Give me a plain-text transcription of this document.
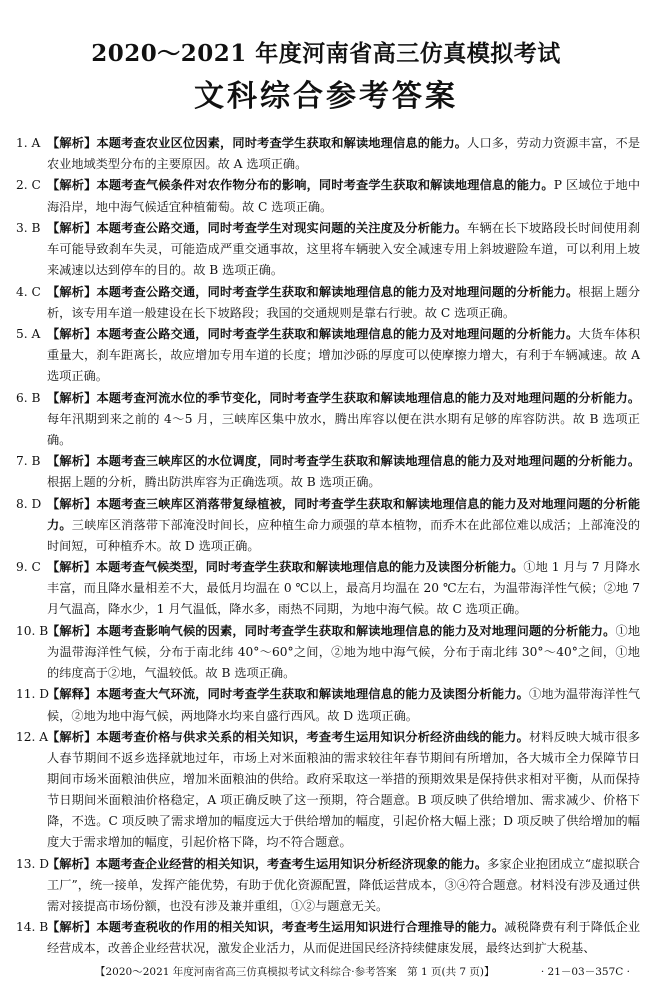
2020～2021 年度河南省高三仿真模拟考试
文科综合参考答案
1. A 【解析】本题考查农业区位因素，同时考查学生获取和解读地理信息的能力。人口多，劳动力资源丰富，不是农业地域类型分布的主要原因。故 A 选项正确。
2. C 【解析】本题考查气候条件对农作物分布的影响，同时考查学生获取和解读地理信息的能力。P 区域位于地中海沿岸，地中海气候适宜种植葡萄。故 C 选项正确。
3. B 【解析】本题考查公路交通，同时考查学生对现实问题的关注度及分析能力。车辆在长下坡路段长时间使用刹车可能导致刹车失灵，可能造成严重交通事故，这里将车辆驶入安全减速专用上斜坡避险车道，可以利用上坡来减速以达到停车的目的。故 B 选项正确。
4. C 【解析】本题考查公路交通，同时考查学生获取和解读地理信息的能力及对地理问题的分析能力。根据上题分析，该专用车道一般建设在长下坡路段；我国的交通规则是靠右行驶。故 C 选项正确。
5. A 【解析】本题考查公路交通，同时考查学生获取和解读地理信息的能力及对地理问题的分析能力。大货车体积重量大，刹车距离长，故应增加专用车道的长度；增加沙砾的厚度可以使摩擦力增大，有利于车辆减速。故 A 选项正确。
6. B 【解析】本题考查河流水位的季节变化，同时考查学生获取和解读地理信息的能力及对地理问题的分析能力。每年汛期到来之前的 4～5 月，三峡库区集中放水，腾出库容以便在洪水期有足够的库容防洪。故 B 选项正确。
7. B 【解析】本题考查三峡库区的水位调度，同时考查学生获取和解读地理信息的能力及对地理问题的分析能力。根据上题的分析，腾出防洪库容为正确选项。故 B 选项正确。
8. D 【解析】本题考查三峡库区消落带复绿植被，同时考查学生获取和解读地理信息的能力及对地理问题的分析能力。三峡库区消落带下部淹没时间长，应种植生命力顽强的草本植物，而乔木在此部位难以成活；上部淹没的时间短，可种植乔木。故 D 选项正确。
9. C 【解析】本题考查气候类型，同时考查学生获取和解读地理信息的能力及读图分析能力。①地 1 月与 7 月降水丰富，而且降水量相差不大，最低月均温在 0 ℃以上，最高月均温在 20 ℃左右，为温带海洋性气候；②地 7 月气温高，降水少，1 月气温低，降水多，雨热不同期，为地中海气候。故 C 选项正确。
10. B
【解析】本题考查影响气候的因素，同时考查学生获取和解读地理信息的能力及对地理问题的分析能力。①地为温带海洋性气候，分布于南北纬 40°～60°之间，②地为地中海气候，分布于南北纬 30°～40°之间，①地的纬度高于②地，气温较低。故 B 选项正确。
11. D
【解释】本题考查大气环流，同时考查学生获取和解读地理信息的能力及读图分析能力。①地为温带海洋性气候，②地为地中海气候，两地降水均来自盛行西风。故 D 选项正确。
12. A
【解析】本题考查价格与供求关系的相关知识，考查考生运用知识分析经济曲线的能力。材料反映大城市很多人春节期间不返乡选择就地过年，市场上对米面粮油的需求较往年春节期间有所增加，各大城市全力保障节日期间市场米面粮油供应，增加米面粮油的供给。政府采取这一举措的预期效果是保持供求相对平衡，从而保持节日期间米面粮油价格稳定，A 项正确反映了这一预期，符合题意。B 项反映了供给增加、需求减少、价格下降，不选。C 项反映了需求增加的幅度远大于供给增加的幅度，引起价格大幅上涨；D 项反映了供给增加的幅度大于需求增加的幅度，引起价格下降，均不符合题意。
13. D
【解析】本题考查企业经营的相关知识，考查考生运用知识分析经济现象的能力。多家企业抱团成立“虚拟联合工厂”，统一接单，发挥产能优势，有助于优化资源配置，降低运营成本，③④符合题意。材料没有涉及通过供需对接提高市场份额，也没有涉及兼并重组，①②与题意无关。
14. B
【解析】本题考查税收的作用的相关知识，考查考生运用知识进行合理推导的能力。减税降费有利于降低企业经营成本，改善企业经营状况，激发企业活力，从而促进国民经济持续健康发展，最终达到扩大税基、
【2020～2021 年度河南省高三仿真模拟考试文科综合·参考答案　第 1 页(共 7 页)】	· 21－03－357C ·
